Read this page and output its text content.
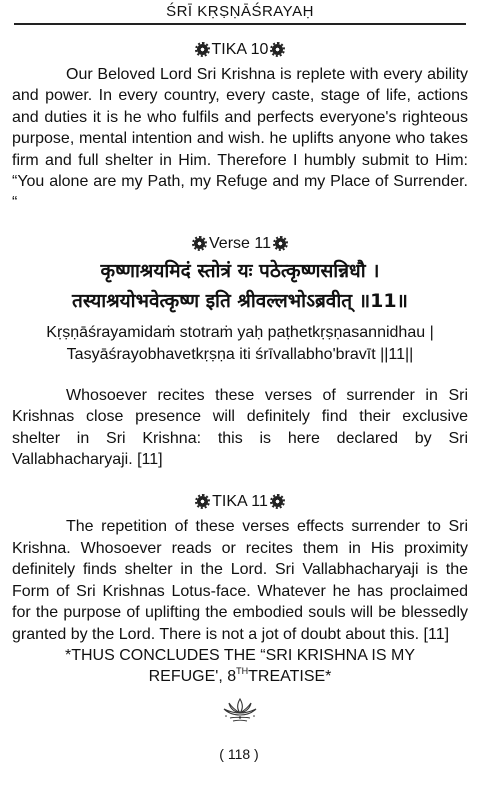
ŚRĪ KṚṢṆĀŚRAYAḤ
TIKA 10

Our Beloved Lord Sri Krishna is replete with every ability and power. In every country, every caste, stage of life, actions and duties it is he who fulfils and perfects everyone's righteous purpose, mental intention and wish. he uplifts anyone who takes firm and full shelter in Him. Therefore I humbly submit to Him: “You alone are my Path, my Refuge and my Place of Surrender. “

Verse 11

कृष्णाश्रयमिदं स्तोत्रं यः पठेत्कृष्णसन्निधौ ।

तस्याश्रयोभवेत्कृष्ण इति श्रीवल्लभोऽब्रवीत् ॥11॥

Kṛṣṇāśrayamidaṁ stotraṁ yaḥ paṭhetkṛṣṇasannidhau |

Tasyāśrayobhavetkṛṣṇa iti śrīvallabho'bravīt ||11||

Whosoever recites these verses of surrender in Sri Krishnas close presence will definitely find their exclusive shelter in Sri Krishna: this is here declared by Sri Vallabhacharyaji. [11]

TIKA 11

The repetition of these verses effects surrender to Sri Krishna. Whosoever reads or recites them in His proximity definitely finds shelter in the Lord. Sri Vallabhacharyaji is the Form of Sri Krishnas Lotus-face. Whatever he has proclaimed for the purpose of uplifting the embodied souls will be blessedly granted by the Lord. There is not a jot of doubt about this. [11]

*THUS CONCLUDES THE “SRI KRISHNA IS MY
REFUGE', 8THTREATISE*
( 118 )
